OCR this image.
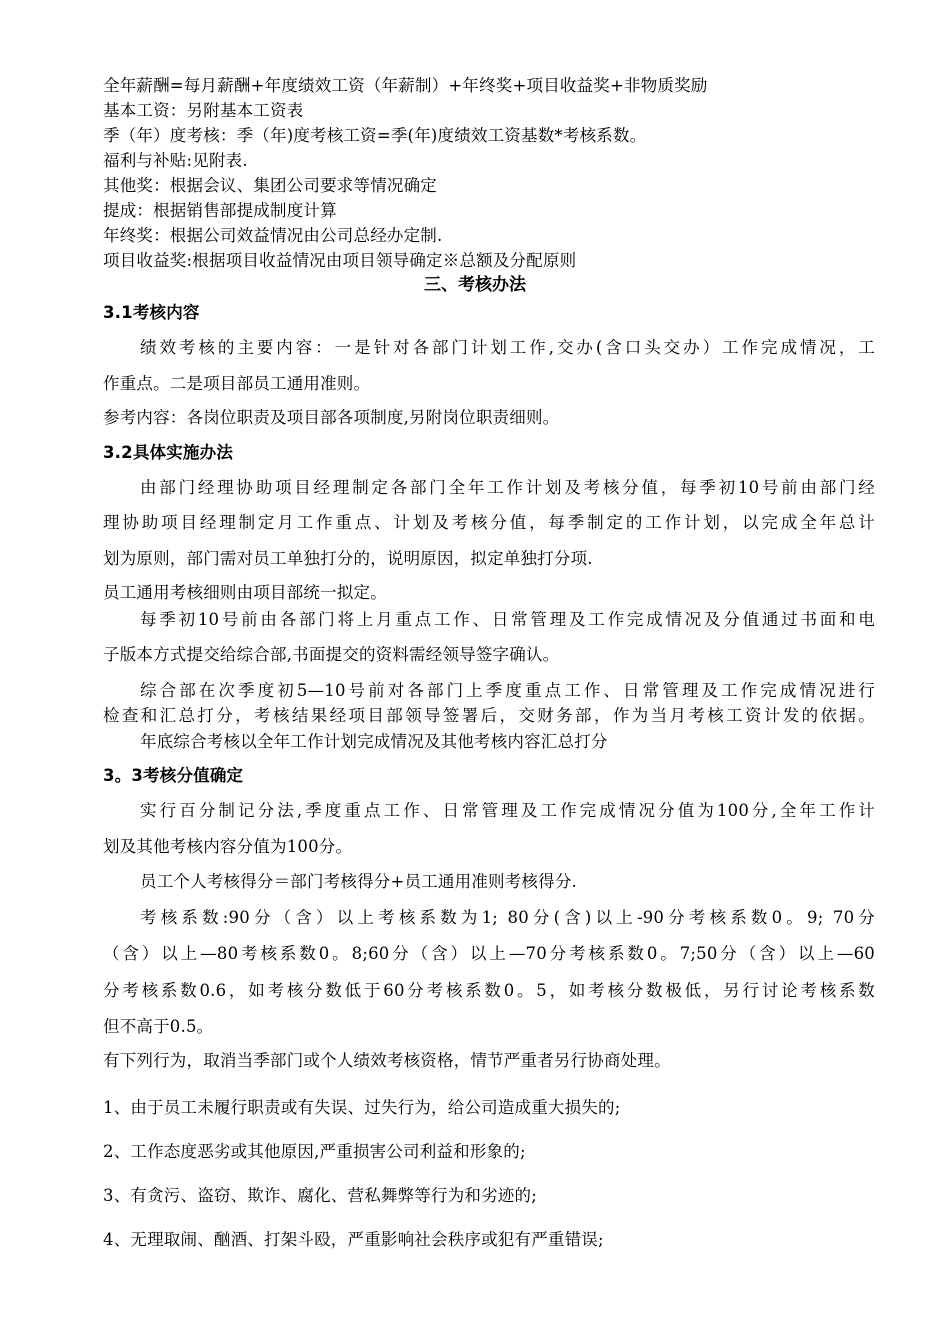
全年薪酬=每月薪酬+年度绩效工资（年薪制）+年终奖+项目收益奖+非物质奖励
基本工资：另附基本工资表
季（年）度考核：季（年)度考核工资=季(年)度绩效工资基数*考核系数。
福利与补贴:见附表.
其他奖：根据会议、集团公司要求等情况确定
提成：根据销售部提成制度计算
年终奖：根据公司效益情况由公司总经办定制.
项目收益奖:根据项目收益情况由项目领导确定※总额及分配原则
三、考核办法
3.1考核内容
绩效考核的主要内容：一是针对各部门计划工作,交办(含口头交办）工作完成情况，工
作重点。二是项目部员工通用准则。
参考内容：各岗位职责及项目部各项制度,另附岗位职责细则。
3.2具体实施办法
由部门经理协助项目经理制定各部门全年工作计划及考核分值，每季初10号前由部门经
理协助项目经理制定月工作重点、计划及考核分值，每季制定的工作计划，以完成全年总计
划为原则，部门需对员工单独打分的，说明原因，拟定单独打分项.
员工通用考核细则由项目部统一拟定。
每季初10号前由各部门将上月重点工作、日常管理及工作完成情况及分值通过书面和电
子版本方式提交给综合部,书面提交的资料需经领导签字确认。
综合部在次季度初5—10号前对各部门上季度重点工作、日常管理及工作完成情况进行
检查和汇总打分，考核结果经项目部领导签署后，交财务部，作为当月考核工资计发的依据。
年底综合考核以全年工作计划完成情况及其他考核内容汇总打分
3。3考核分值确定
实行百分制记分法,季度重点工作、日常管理及工作完成情况分值为100分,全年工作计
划及其他考核内容分值为100分。
员工个人考核得分＝部门考核得分+员工通用准则考核得分.
考核系数:90分（含）以上考核系数为1; 80分(含)以上-90分考核系数0。9; 70分
（含）以上—80考核系数0。8;60分（含）以上—70分考核系数0。7;50分（含）以上—60
分考核系数0.6，如考核分数低于60分考核系数0。5，如考核分数极低，另行讨论考核系数
但不高于0.5。
有下列行为，取消当季部门或个人绩效考核资格，情节严重者另行协商处理。
1、由于员工未履行职责或有失误、过失行为，给公司造成重大损失的;
2、工作态度恶劣或其他原因,严重损害公司利益和形象的;
3、有贪污、盗窃、欺诈、腐化、营私舞弊等行为和劣迹的;
4、无理取闹、酗酒、打架斗殴，严重影响社会秩序或犯有严重错误;
